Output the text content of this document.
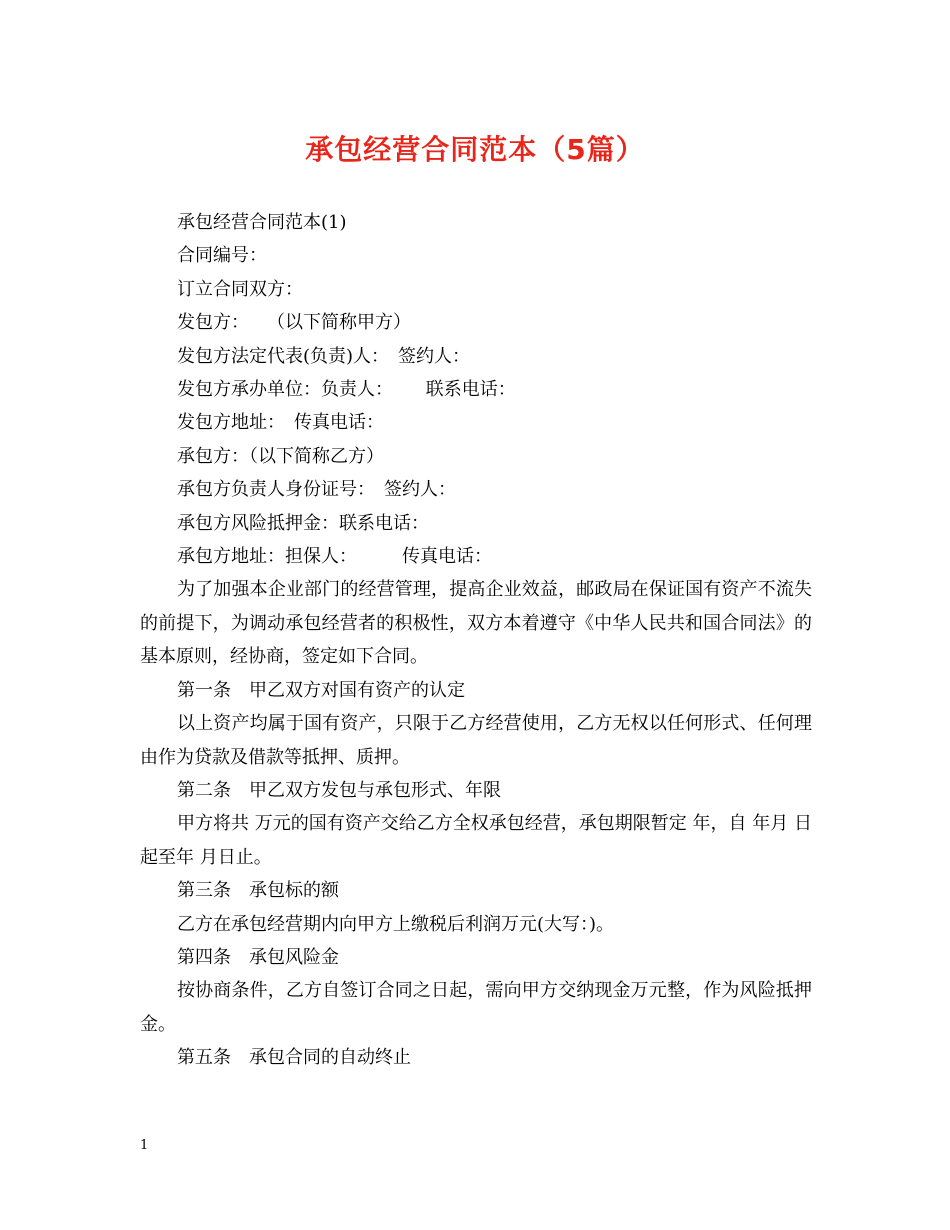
承包经营合同范本（5篇）

承包经营合同范本(1)

合同编号：

订立合同双方：

发包方：　　（以下简称甲方）

发包方法定代表(负责)人：　签约人：

发包方承办单位：负责人：　　 联系电话：

发包方地址：　传真电话：

承包方：（以下简称乙方）

承包方负责人身份证号：　签约人：

承包方风险抵押金：联系电话：

承包方地址：担保人：　　　传真电话：

为了加强本企业部门的经营管理，提高企业效益，邮政局在保证国有资产不流失的前提下，为调动承包经营者的积极性，双方本着遵守《中华人民共和国合同法》的基本原则，经协商，签定如下合同。

第一条　甲乙双方对国有资产的认定

以上资产均属于国有资产，只限于乙方经营使用，乙方无权以任何形式、任何理由作为贷款及借款等抵押、质押。

第二条　甲乙双方发包与承包形式、年限

甲方将共 万元的国有资产交给乙方全权承包经营，承包期限暂定 年，自 年月 日起至年 月日止。

第三条　承包标的额

乙方在承包经营期内向甲方上缴税后利润万元(大写：)。

第四条　承包风险金

按协商条件，乙方自签订合同之日起，需向甲方交纳现金万元整，作为风险抵押金。

第五条　承包合同的自动终止

1
